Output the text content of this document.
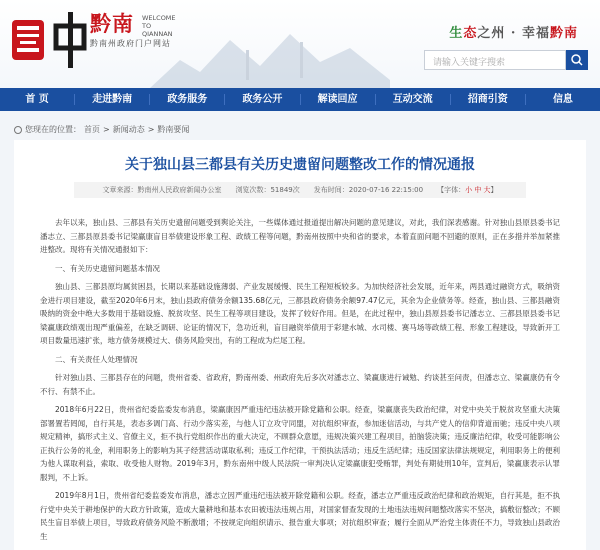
黔南 WELCOME TO QIANNAN
黔南州政府门户网站
生态之州 · 幸福黔南
请输入关键字搜索
首 页	走进黔南	政务服务	政务公开	解读回应	互动交流	招商引资	信息
您现在的位置： 首页 > 新闻动态 > 黔南要闻
关于独山县三都县有关历史遗留问题整改工作的情况通报
文章来源：黔南州人民政府新闻办公室 浏览次数：51849次 发布时间：2020-07-16 22:15:00 【字体：小 中 大】

去年以来，独山县、三都县有关历史遗留问题受到舆论关注，一些媒体通过报道提出解决问题的意见建议，对此，我们深表感谢。针对独山县原县委书记潘志立、三都县原县委书记梁赢康盲目举债建设形象工程、政绩工程等问题，黔南州按照中央和省的要求，本着直面问题不回避的原则，正在多措并举加紧推进整改。现将有关情况通报如下：

一、有关历史遗留问题基本情况

独山县、三都县原均属贫困县，长期以来基础设施薄弱、产业发展缓慢、民生工程短板较多。为加快经济社会发展，近年来，两县通过融资方式，吸纳资金进行项目建设，截至2020年6月末，独山县政府债务余额135.68亿元，三都县政府债务余额97.47亿元，其余为企业债务等。经查，独山县、三都县融资吸纳的资金中绝大多数用于基础设施、脱贫攻坚、民生工程等项目建设，发挥了较好作用。但是，在此过程中，独山县原县委书记潘志立、三都县原县委书记梁赢康政绩观出现严重偏差，在缺乏调研、论证的情况下，急功近利，盲目融资举债用于彩建水城、水司楼、赛马场等政绩工程、形象工程建设，导致新开工项目数量迅速扩张，地方债务规模过大、债务风险突出，有的工程成为烂尾工程。

二、有关责任人处理情况

针对独山县、三都县存在的问题，贵州省委、省政府，黔南州委、州政府先后多次对潘志立、梁赢康进行诫勉、约谈甚至问责，但潘志立、梁赢康仍有令不行、有禁不止。

2018年6月22日，贵州省纪委监委发布消息，梁赢康因严重违纪违法被开除党籍和公职。经查，梁赢康丧失政治纪律，对党中央关于脱贫攻坚重大决策部署置若罔闻，自行其是，表态多调门高、行动少落实差，与他人订立攻守同盟，对抗组织审查，参加迷信活动，与共产党人的信仰背道而驰；违反中央八项规定精神，搞形式主义、官僚主义，拒不执行党组织作出的重大决定，不顾群众意愿，违规决策兴建工程项目，拍脑袋决策；违反廉洁纪律，收受可能影响公正执行公务的礼金，利用职务上的影响为其子经营活动谋取私利；违反工作纪律，干预执法活动；违反生活纪律；违反国家法律法规规定，利用职务上的便利为他人谋取利益，索取、收受他人财物。2019年3月，黔东南州中级人民法院一审判决认定梁赢康犯受贿罪，判处有期徒刑10年，宣判后，梁赢康表示认罪服判，不上诉。

2019年8月1日，贵州省纪委监委发布消息，潘志立因严重违纪违法被开除党籍和公职。经查，潘志立严重违反政治纪律和政治规矩，自行其是，拒不执行党中央关于耕地保护的大政方针政策，造成大量耕地和基本农田被违法违规占用，对国家督查发现的土地违法违规问题整改落实不坚决，搞敷衍整改；不顾民生盲目举债上项目，导致政府债务风险不断激增；不按规定向组织请示、报告重大事项；对抗组织审查；履行全面从严治党主体责任不力，导致独山县政治生
